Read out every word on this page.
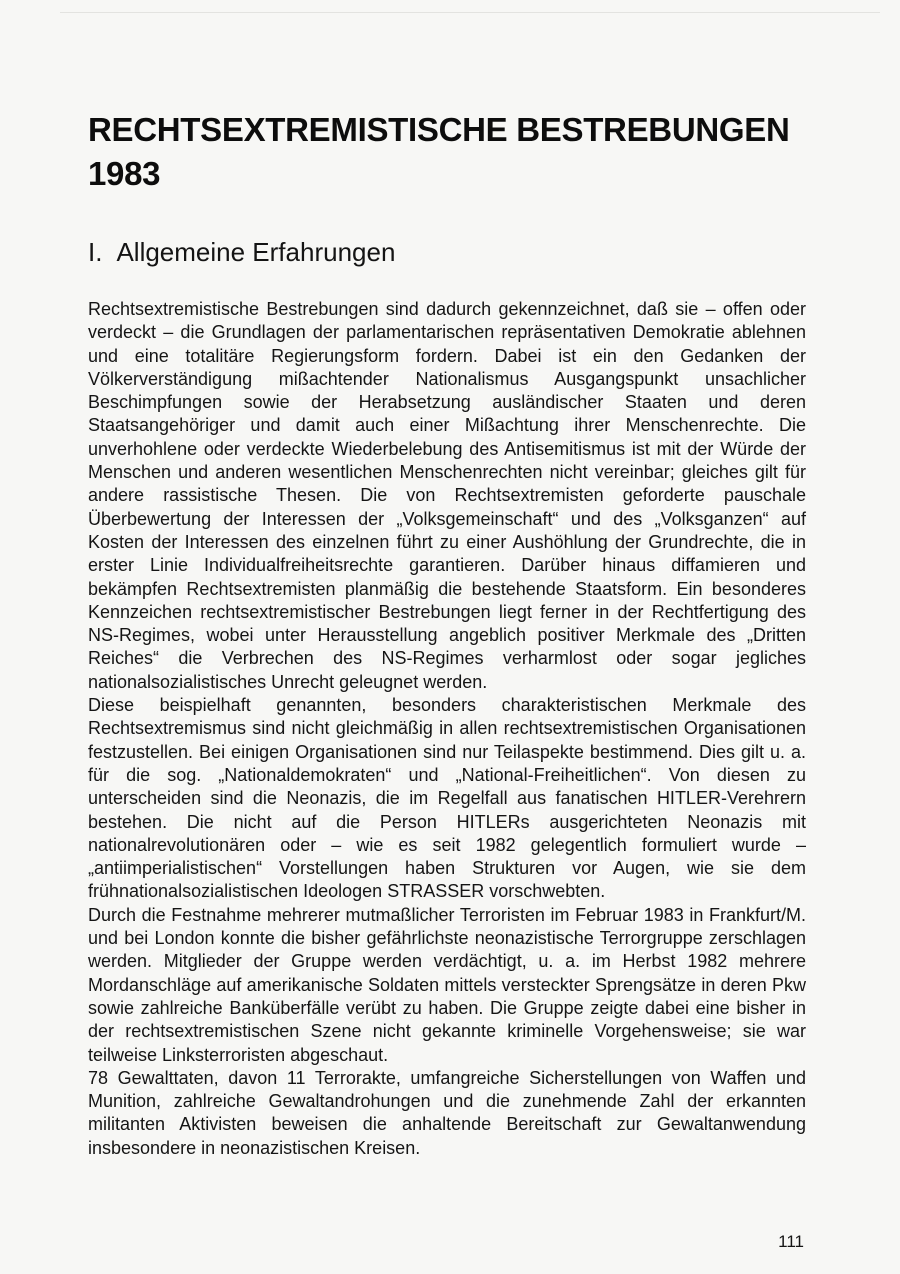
RECHTSEXTREMISTISCHE BESTREBUNGEN
1983
I. Allgemeine Erfahrungen

Rechtsextremistische Bestrebungen sind dadurch gekennzeichnet, daß sie – offen oder verdeckt – die Grundlagen der parlamentarischen repräsentativen Demokratie ablehnen und eine totalitäre Regierungsform fordern. Dabei ist ein den Gedanken der Völkerverständigung mißachtender Nationalismus Ausgangspunkt unsachlicher Beschimpfungen sowie der Herabsetzung ausländischer Staaten und deren Staatsangehöriger und damit auch einer Mißachtung ihrer Menschenrechte. Die unverhohlene oder verdeckte Wiederbelebung des Antisemitismus ist mit der Würde der Menschen und anderen wesentlichen Menschenrechten nicht vereinbar; gleiches gilt für andere rassistische Thesen. Die von Rechtsextremisten geforderte pauschale Überbewertung der Interessen der „Volksgemeinschaft“ und des „Volksganzen“ auf Kosten der Interessen des einzelnen führt zu einer Aushöhlung der Grundrechte, die in erster Linie Individualfreiheitsrechte garantieren. Darüber hinaus diffamieren und bekämpfen Rechtsextremisten planmäßig die bestehende Staatsform. Ein besonderes Kennzeichen rechtsextremistischer Bestrebungen liegt ferner in der Rechtfertigung des NS-Regimes, wobei unter Herausstellung angeblich positiver Merkmale des „Dritten Reiches“ die Verbrechen des NS-Regimes verharmlost oder sogar jegliches nationalsozialistisches Unrecht geleugnet werden.

Diese beispielhaft genannten, besonders charakteristischen Merkmale des Rechtsextremismus sind nicht gleichmäßig in allen rechtsextremistischen Organisationen festzustellen. Bei einigen Organisationen sind nur Teilaspekte bestimmend. Dies gilt u. a. für die sog. „Nationaldemokraten“ und „National-Freiheitlichen“. Von diesen zu unterscheiden sind die Neonazis, die im Regelfall aus fanatischen HITLER-Verehrern bestehen. Die nicht auf die Person HITLERs ausgerichteten Neonazis mit nationalrevolutionären oder – wie es seit 1982 gelegentlich formuliert wurde – „antiimperialistischen“ Vorstellungen haben Strukturen vor Augen, wie sie dem frühnationalsozialistischen Ideologen STRASSER vorschwebten.

Durch die Festnahme mehrerer mutmaßlicher Terroristen im Februar 1983 in Frankfurt/M. und bei London konnte die bisher gefährlichste neonazistische Terrorgruppe zerschlagen werden. Mitglieder der Gruppe werden verdächtigt, u. a. im Herbst 1982 mehrere Mordanschläge auf amerikanische Soldaten mittels versteckter Sprengsätze in deren Pkw sowie zahlreiche Banküberfälle verübt zu haben. Die Gruppe zeigte dabei eine bisher in der rechtsextremistischen Szene nicht gekannte kriminelle Vorgehensweise; sie war teilweise Linksterroristen abgeschaut.

78 Gewalttaten, davon 11 Terrorakte, umfangreiche Sicherstellungen von Waffen und Munition, zahlreiche Gewaltandrohungen und die zunehmende Zahl der erkannten militanten Aktivisten beweisen die anhaltende Bereitschaft zur Gewaltanwendung insbesondere in neonazistischen Kreisen.

111
